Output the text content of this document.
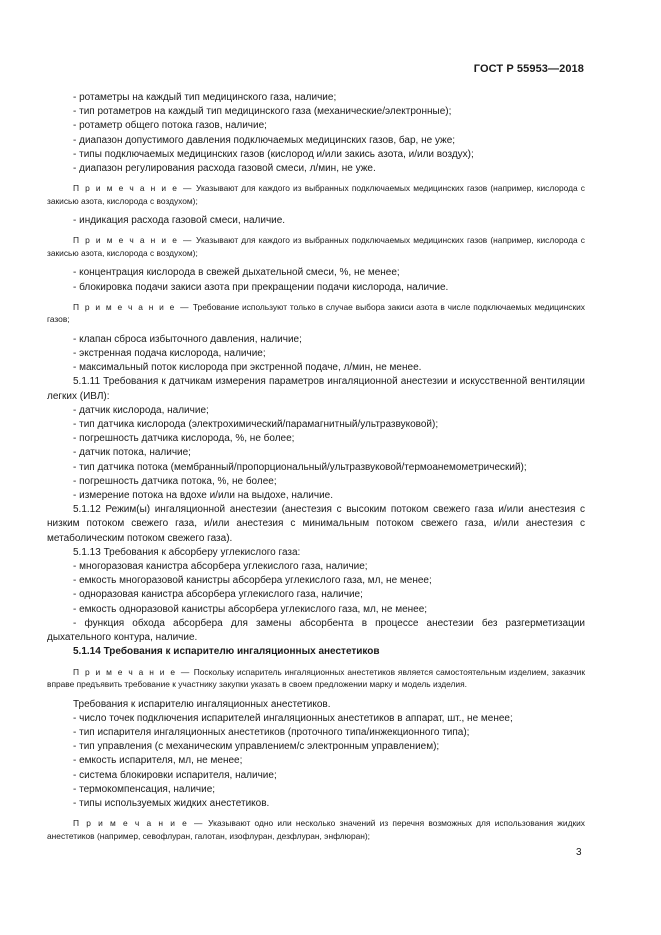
ГОСТ Р 55953—2018

- ротаметры на каждый тип медицинского газа, наличие;

- тип ротаметров на каждый тип медицинского газа (механические/электронные);

- ротаметр общего потока газов, наличие;

- диапазон допустимого давления подключаемых медицинских газов, бар, не уже;

- типы подключаемых медицинских газов (кислород и/или закись азота, и/или воздух);

- диапазон регулирования расхода газовой смеси, л/мин, не уже.

П р и м е ч а н и е — Указывают для каждого из выбранных подключаемых медицинских газов (например, кислорода с закисью азота, кислорода с воздухом);

- индикация расхода газовой смеси, наличие.

П р и м е ч а н и е — Указывают для каждого из выбранных подключаемых медицинских газов (например, кислорода с закисью азота, кислорода с воздухом);

- концентрация кислорода в свежей дыхательной смеси, %, не менее;

- блокировка подачи закиси азота при прекращении подачи кислорода, наличие.

П р и м е ч а н и е — Требование используют только в случае выбора закиси азота в числе подключаемых медицинских газов;

- клапан сброса избыточного давления, наличие;

- экстренная подача кислорода, наличие;

- максимальный поток кислорода при экстренной подаче, л/мин, не менее.

5.1.11 Требования к датчикам измерения параметров ингаляционной анестезии и искусственной вентиляции легких (ИВЛ):

- датчик кислорода, наличие;

- тип датчика кислорода (электрохимический/парамагнитный/ультразвуковой);

- погрешность датчика кислорода, %, не более;

- датчик потока, наличие;

- тип датчика потока (мембранный/пропорциональный/ультразвуковой/термоанемометрический);

- погрешность датчика потока, %, не более;

- измерение потока на вдохе и/или на выдохе, наличие.

5.1.12 Режим(ы) ингаляционной анестезии (анестезия с высоким потоком свежего газа и/или анестезия с низким потоком свежего газа, и/или анестезия с минимальным потоком свежего газа, и/или анестезия с метаболическим потоком свежего газа).

5.1.13 Требования к абсорберу углекислого газа:

- многоразовая канистра абсорбера углекислого газа, наличие;

- емкость многоразовой канистры абсорбера углекислого газа, мл, не менее;

- одноразовая канистра абсорбера углекислого газа, наличие;

- емкость одноразовой канистры абсорбера углекислого газа, мл, не менее;

- функция обхода абсорбера для замены абсорбента в процессе анестезии без разгерметизации дыхательного контура, наличие.

5.1.14 Требования к испарителю ингаляционных анестетиков

П р и м е ч а н и е — Поскольку испаритель ингаляционных анестетиков является самостоятельным изделием, заказчик вправе предъявить требование к участнику закупки указать в своем предложении марку и модель изделия.

Требования к испарителю ингаляционных анестетиков.

- число точек подключения испарителей ингаляционных анестетиков в аппарат, шт., не менее;

- тип испарителя ингаляционных анестетиков (проточного типа/инжекционного типа);

- тип управления (с механическим управлением/с электронным управлением);

- емкость испарителя, мл, не менее;

- система блокировки испарителя, наличие;

- термокомпенсация, наличие;

- типы используемых жидких анестетиков.

П р и м е ч а н и е — Указывают одно или несколько значений из перечня возможных для использования жидких анестетиков (например, севофлуран, галотан, изофлуран, дезфлуран, энфлюран);

3
